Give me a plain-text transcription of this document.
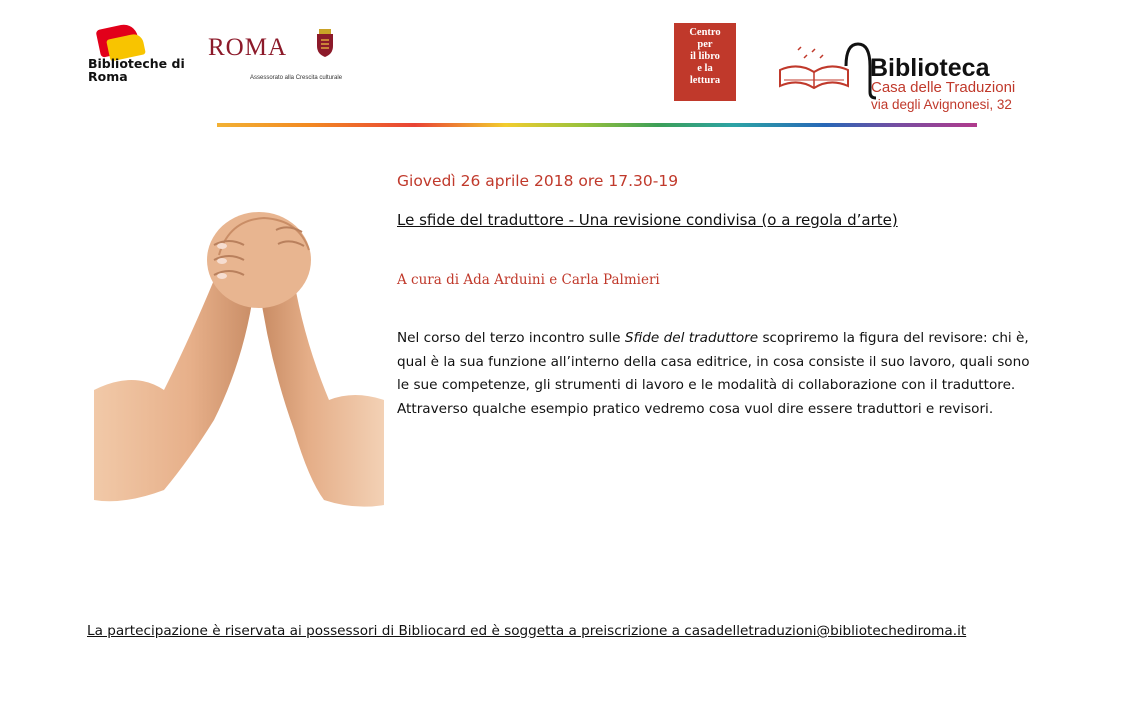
Biblioteche di Roma
ROMA
Assessorato alla Crescita culturale
Centro
per
il libro
e la
lettura	Biblioteca
Casa delle Traduzioni
via degli Avignonesi, 32
Giovedì 26 aprile 2018 ore 17.30-19
Le sfide del traduttore - Una revisione condivisa (o a regola d’arte)
A cura di Ada Arduini e Carla Palmieri
Nel corso del terzo incontro sulle Sfide del traduttore scopriremo la figura del revisore: chi è, qual è la sua funzione all’interno della casa editrice, in cosa consiste il suo lavoro, quali sono le sue competenze, gli strumenti di lavoro e le modalità di collaborazione con il traduttore. Attraverso qualche esempio pratico vedremo cosa vuol dire essere traduttori e revisori.
La partecipazione è riservata ai possessori di Bibliocard ed è soggetta a preiscrizione a casadelletraduzioni@bibliotechediroma.it
